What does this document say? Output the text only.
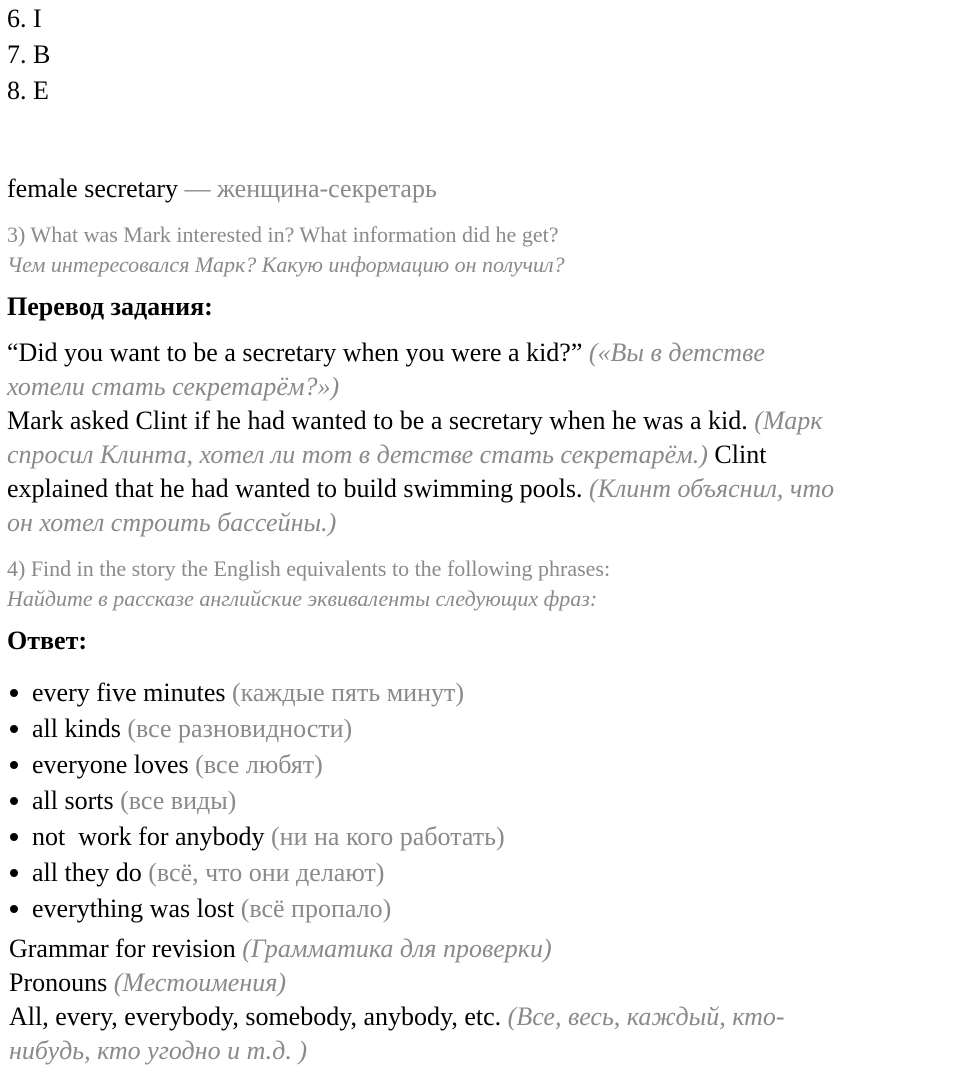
6. I
7. B
8. E
female secretary — женщина-секретарь
3) What was Mark interested in? What information did he get?
Чем интересовался Марк? Какую информацию он получил?
Перевод задания:
“Did you want to be a secretary when you were a kid?” («Вы в детстве
хотели стать секретарём?»)
Mark asked Clint if he had wanted to be a secretary when he was a kid. (Марк
спросил Клинта, хотел ли тот в детстве стать секретарём.) Clint
explained that he had wanted to build swimming pools. (Клинт объяснил, что
он хотел строить бассейны.)
4) Find in the story the English equivalents to the following phrases:
Найдите в рассказе английские эквиваленты следующих фраз:
Ответ:
every five minutes (каждые пять минут)
all kinds (все разновидности)
everyone loves (все любят)
all sorts (все виды)
not  work for anybody (ни на кого работать)
all they do (всё, что они делают)
everything was lost (всё пропало)
Grammar for revision (Грамматика для проверки)
Pronouns (Местоимения)
All, every, everybody, somebody, anybody, etc. (Все, весь, каждый, кто-
нибудь, кто угодно и т.д. )
